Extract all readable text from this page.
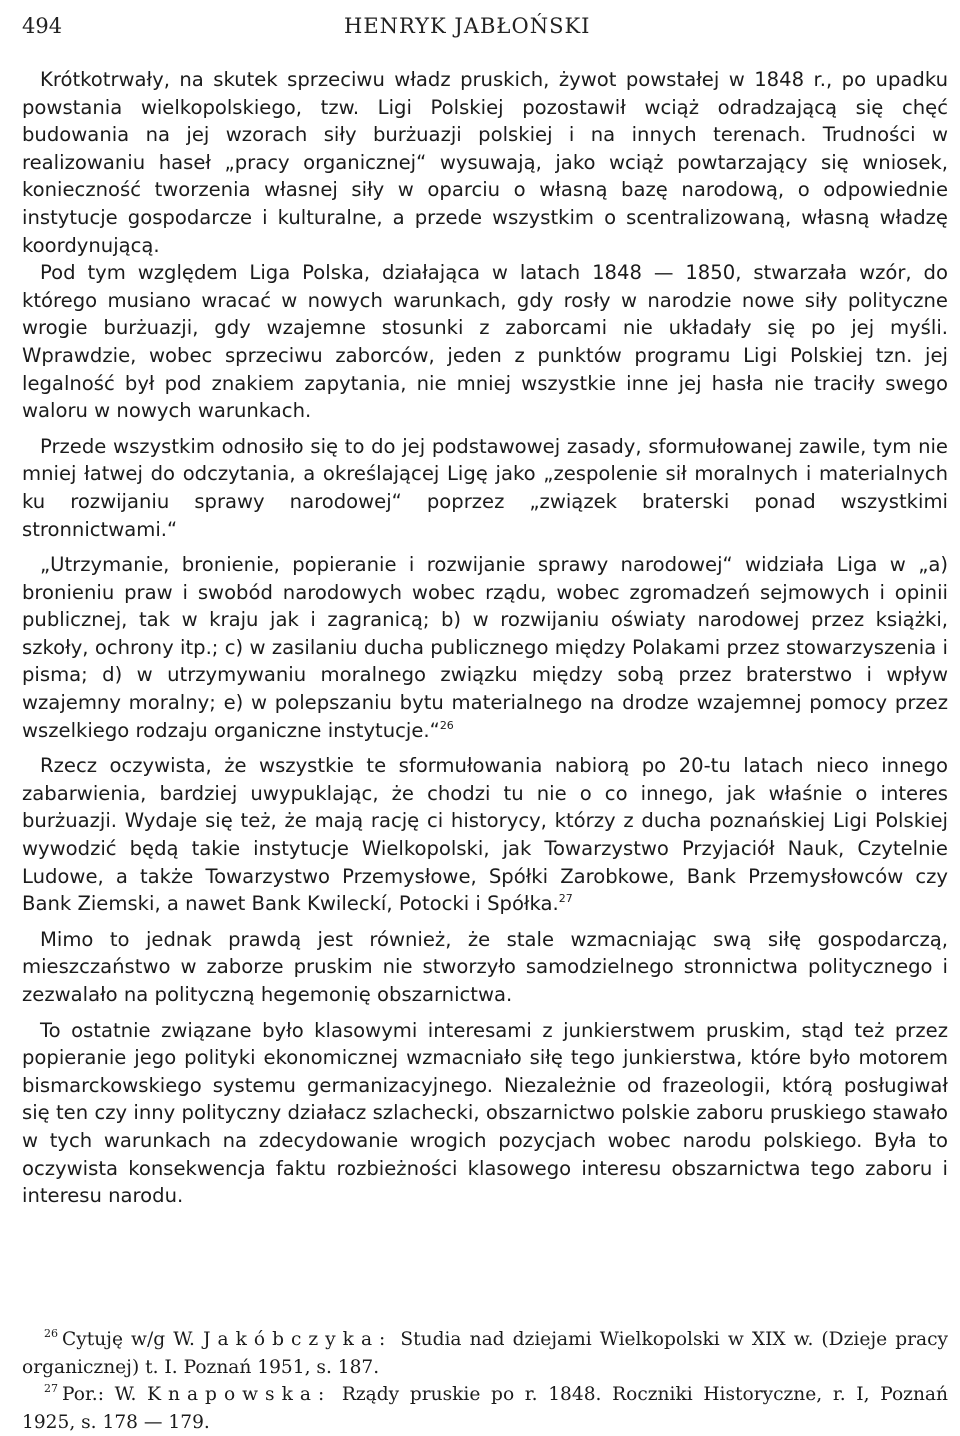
494	HENRYK JABŁOŃSKI

Krótkotrwały, na skutek sprzeciwu władz pruskich, żywot powstałej w 1848 r., po upadku powstania wielkopolskiego, tzw. Ligi Polskiej pozostawił wciąż odradzającą się chęć budowania na jej wzorach siły burżuazji polskiej i na innych terenach. Trudności w realizowaniu haseł „pracy organicznej“ wysuwają, jako wciąż powtarzający się wniosek, konieczność tworzenia własnej siły w oparciu o własną bazę narodową, o odpowiednie instytucje gospodarcze i kulturalne, a przede wszystkim o scentralizowaną, własną władzę koordynującą.

Pod tym względem Liga Polska, działająca w latach 1848 — 1850, stwarzała wzór, do którego musiano wracać w nowych warunkach, gdy rosły w narodzie nowe siły polityczne wrogie burżuazji, gdy wzajemne stosunki z zaborcami nie układały się po jej myśli. Wprawdzie, wobec sprzeciwu zaborców, jeden z punktów programu Ligi Polskiej tzn. jej legalność był pod znakiem zapytania, nie mniej wszystkie inne jej hasła nie traciły swego waloru w nowych warunkach.

Przede wszystkim odnosiło się to do jej podstawowej zasady, sformułowanej zawile, tym nie mniej łatwej do odczytania, a określającej Ligę jako „zespolenie sił moralnych i materialnych ku rozwijaniu sprawy narodowej“ poprzez „związek braterski ponad wszystkimi stronnictwami.“

„Utrzymanie, bronienie, popieranie i rozwijanie sprawy narodowej“ widziała Liga w „a) bronieniu praw i swobód narodowych wobec rządu, wobec zgromadzeń sejmowych i opinii publicznej, tak w kraju jak i zagranicą; b) w rozwijaniu oświaty narodowej przez książki, szkoły, ochrony itp.; c) w zasilaniu ducha publicznego między Polakami przez stowarzyszenia i pisma; d) w utrzymywaniu moralnego związku między sobą przez braterstwo i wpływ wzajemny moralny; e) w polepszaniu bytu materialnego na drodze wzajemnej pomocy przez wszelkiego rodzaju organiczne instytucje.“$^{26}$

Rzecz oczywista, że wszystkie te sformułowania nabiorą po 20-tu latach nieco innego zabarwienia, bardziej uwypuklając, że chodzi tu nie o co innego, jak właśnie o interes burżuazji. Wydaje się też, że mają rację ci historycy, którzy z ducha poznańskiej Ligi Polskiej wywodzić będą takie instytucje Wielkopolski, jak Towarzystwo Przyjaciół Nauk, Czytelnie Ludowe, a także Towarzystwo Przemysłowe, Spółki Zarobkowe, Bank Przemysłowców czy Bank Ziemski, a nawet Bank Kwileckí, Potocki i Spółka.$^{27}$

Mimo to jednak prawdą jest również, że stale wzmacniając swą siłę gospodarczą, mieszczaństwo w zaborze pruskim nie stworzyło samodzielnego stronnictwa politycznego i zezwalało na polityczną hegemonię obszarnictwa.

To ostatnie związane było klasowymi interesami z junkierstwem pruskim, stąd też przez popieranie jego polityki ekonomicznej wzmacniało siłę tego junkierstwa, które było motorem bismarckowskiego systemu germanizacyjnego. Niezależnie od frazeologii, którą posługiwał się ten czy inny polityczny działacz szlachecki, obszarnictwo polskie zaboru pruskiego stawało w tych warunkach na zdecydowanie wrogich pozycjach wobec narodu polskiego. Była to oczywista konsekwencja faktu rozbieżności klasowego interesu obszarnictwa tego zaboru i interesu narodu.

$^{26}$ Cytuję w/g W. Jakóbczyka: Studia nad dziejami Wielkopolski w XIX w. (Dzieje pracy organicznej) t. I. Poznań 1951, s. 187.

$^{27}$ Por.: W. Knapowska: Rządy pruskie po r. 1848. Roczniki Historyczne, r. I, Poznań 1925, s. 178 — 179.
